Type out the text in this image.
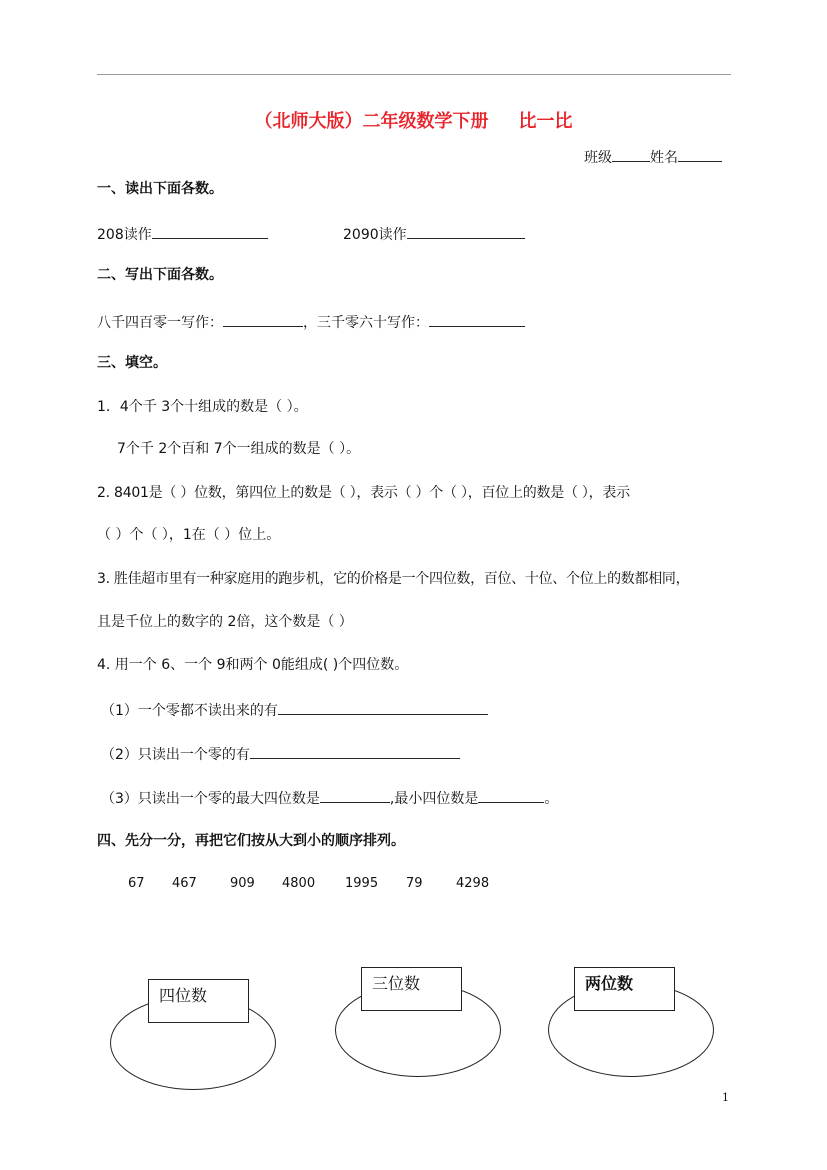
（北师大版）二年级数学下册 比一比
班级	姓名
一、读出下面各数。
208读作	2090读作
二、写出下面各数。
八千四百零一写作：	，三千零六十写作：
三、填空。
1．4个千 3个十组成的数是（ ）。
7个千 2个百和 7个一组成的数是（ ）。
2. 8401是（ ）位数，第四位上的数是（ ），表示（ ）个（ ），百位上的数是（ ），表示
（ ）个（ ），1在（ ）位上。
3. 胜佳超市里有一种家庭用的跑步机，它的价格是一个四位数，百位、十位、个位上的数都相同，
且是千位上的数字的 2倍，这个数是（ ）
4. 用一个 6、一个 9和两个 0能组成( )个四位数。
（1）一个零都不读出来的有
（2）只读出一个零的有
（3）只读出一个零的最大四位数是	,最小四位数是	。
四、先分一分，再把它们按从大到小的顺序排列。
67 467	909 4800 1995 79	4298
四位数
三位数	两位数
1
